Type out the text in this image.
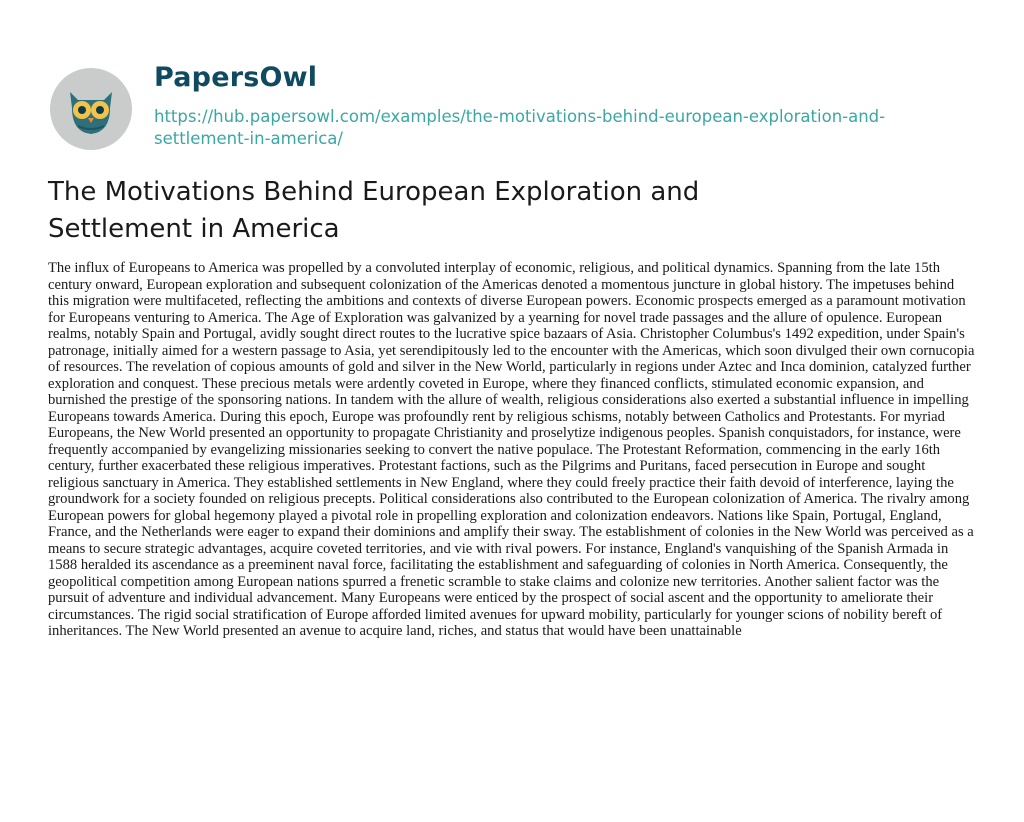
PapersOwl
https://hub.papersowl.com/examples/the-motivations-behind-european-exploration-and-settlement-in-america/
The Motivations Behind European Exploration and Settlement in America

The influx of Europeans to America was propelled by a convoluted interplay of economic, religious, and political dynamics. Spanning from the late 15th century onward, European exploration and subsequent colonization of the Americas denoted a momentous juncture in global history. The impetuses behind this migration were multifaceted, reflecting the ambitions and contexts of diverse European powers. Economic prospects emerged as a paramount motivation for Europeans venturing to America. The Age of Exploration was galvanized by a yearning for novel trade passages and the allure of opulence. European realms, notably Spain and Portugal, avidly sought direct routes to the lucrative spice bazaars of Asia. Christopher Columbus's 1492 expedition, under Spain's patronage, initially aimed for a western passage to Asia, yet serendipitously led to the encounter with the Americas, which soon divulged their own cornucopia of resources. The revelation of copious amounts of gold and silver in the New World, particularly in regions under Aztec and Inca dominion, catalyzed further exploration and conquest. These precious metals were ardently coveted in Europe, where they financed conflicts, stimulated economic expansion, and burnished the prestige of the sponsoring nations. In tandem with the allure of wealth, religious considerations also exerted a substantial influence in impelling Europeans towards America. During this epoch, Europe was profoundly rent by religious schisms, notably between Catholics and Protestants. For myriad Europeans, the New World presented an opportunity to propagate Christianity and proselytize indigenous peoples. Spanish conquistadors, for instance, were frequently accompanied by evangelizing missionaries seeking to convert the native populace. The Protestant Reformation, commencing in the early 16th century, further exacerbated these religious imperatives. Protestant factions, such as the Pilgrims and Puritans, faced persecution in Europe and sought religious sanctuary in America. They established settlements in New England, where they could freely practice their faith devoid of interference, laying the groundwork for a society founded on religious precepts. Political considerations also contributed to the European colonization of America. The rivalry among European powers for global hegemony played a pivotal role in propelling exploration and colonization endeavors. Nations like Spain, Portugal, England, France, and the Netherlands were eager to expand their dominions and amplify their sway. The establishment of colonies in the New World was perceived as a means to secure strategic advantages, acquire coveted territories, and vie with rival powers. For instance, England's vanquishing of the Spanish Armada in 1588 heralded its ascendance as a preeminent naval force, facilitating the establishment and safeguarding of colonies in North America. Consequently, the geopolitical competition among European nations spurred a frenetic scramble to stake claims and colonize new territories. Another salient factor was the pursuit of adventure and individual advancement. Many Europeans were enticed by the prospect of social ascent and the opportunity to ameliorate their circumstances. The rigid social stratification of Europe afforded limited avenues for upward mobility, particularly for younger scions of nobility bereft of inheritances. The New World presented an avenue to acquire land, riches, and status that would have been unattainable
